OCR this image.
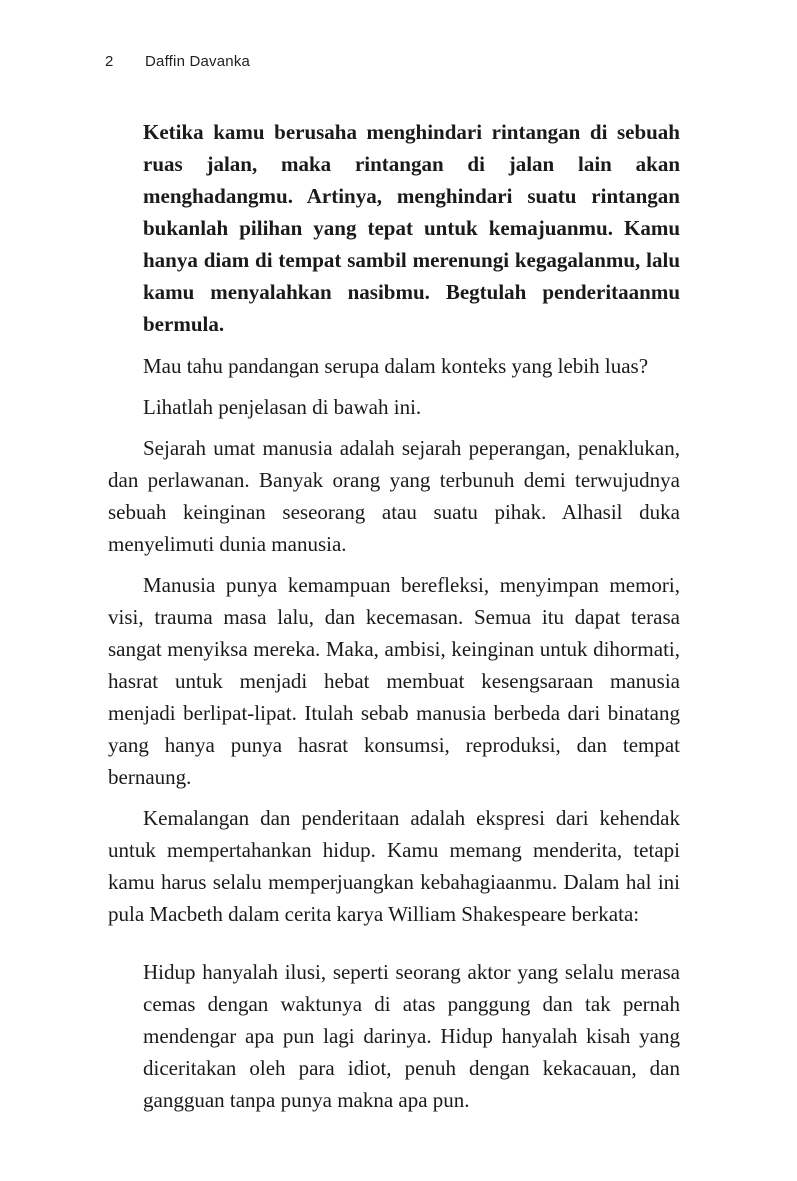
2 Daffin Davanka

Ketika kamu berusaha menghindari rintangan di sebuah ruas jalan, maka rintangan di jalan lain akan menghadangmu. Artinya, menghindari suatu rintangan bukanlah pilihan yang tepat untuk kemajuanmu. Kamu hanya diam di tempat sambil merenungi kegagalanmu, lalu kamu menyalahkan nasibmu. Begtulah penderitaanmu bermula.

Mau tahu pandangan serupa dalam konteks yang lebih luas?

Lihatlah penjelasan di bawah ini.

Sejarah umat manusia adalah sejarah peperangan, penaklukan, dan perlawanan. Banyak orang yang terbunuh demi terwujudnya sebuah keinginan seseorang atau suatu pihak. Alhasil duka menyelimuti dunia manusia.

Manusia punya kemampuan berefleksi, menyimpan memori, visi, trauma masa lalu, dan kecemasan. Semua itu dapat terasa sangat menyiksa mereka. Maka, ambisi, keinginan untuk dihormati, hasrat untuk menjadi hebat membuat kesengsaraan manusia menjadi berlipat-lipat. Itulah sebab manusia berbeda dari binatang yang hanya punya hasrat konsumsi, reproduksi, dan tempat bernaung.

Kemalangan dan penderitaan adalah ekspresi dari kehendak untuk mempertahankan hidup. Kamu memang menderita, tetapi kamu harus selalu memperjuangkan kebahagiaanmu. Dalam hal ini pula Macbeth dalam cerita karya William Shakespeare berkata:

Hidup hanyalah ilusi, seperti seorang aktor yang selalu merasa cemas dengan waktunya di atas panggung dan tak pernah mendengar apa pun lagi darinya. Hidup hanyalah kisah yang diceritakan oleh para idiot, penuh dengan kekacauan, dan gangguan tanpa punya makna apa pun.
